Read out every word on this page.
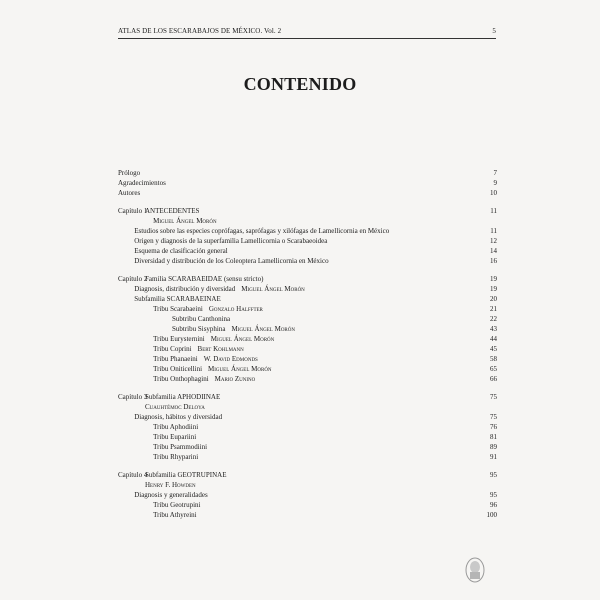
ATLAS DE LOS ESCARABAJOS DE MÉXICO. Vol. 2	5
CONTENIDO
Prólogo	7
Agradecimientos	9
Autores	10
Capítulo 1
ANTECEDENTES	11
Miguel Ángel Morón
Estudios sobre las especies coprófagas, saprófagas y xilófagas de Lamellicornia en México	11
Origen y diagnosis de la superfamilia Lamellicornia o Scarabaeoidea	12
Esquema de clasificación general	14
Diversidad y distribución de los Coleoptera Lamellicornia en México	16
Capítulo 2
Familia SCARABAEIDAE (sensu stricto)	19
Diagnosis, distribución y diversidad Miguel Ángel Morón	19
Subfamilia SCARABAEINAE	20
Tribu Scarabaeini Gonzalo Halffter	21
Subtribu Canthonina	22
Subtribu Sisyphina Miguel Ángel Morón	43
Tribu Eurysternini Miguel Ángel Morón	44
Tribu Coprini Bert Kohlmann	45
Tribu Phanaeini W. David Edmonds	58
Tribu Oniticellini Miguel Ángel Morón	65
Tribu Onthophagini Mario Zunino	66
Capítulo 3
Subfamilia APHODIINAE	75
Cuauhtémoc Deloya
Diagnosis, hábitos y diversidad	75
Tribu Aphodiini	76
Tribu Eupariini	81
Tribu Psammodiini	89
Tribu Rhyparini	91
Capítulo 4
Subfamilia GEOTRUPINAE	95
Henry F. Howden
Diagnosis y generalidades	95
Tribu Geotrupini	96
Tribu Athyreini	100
